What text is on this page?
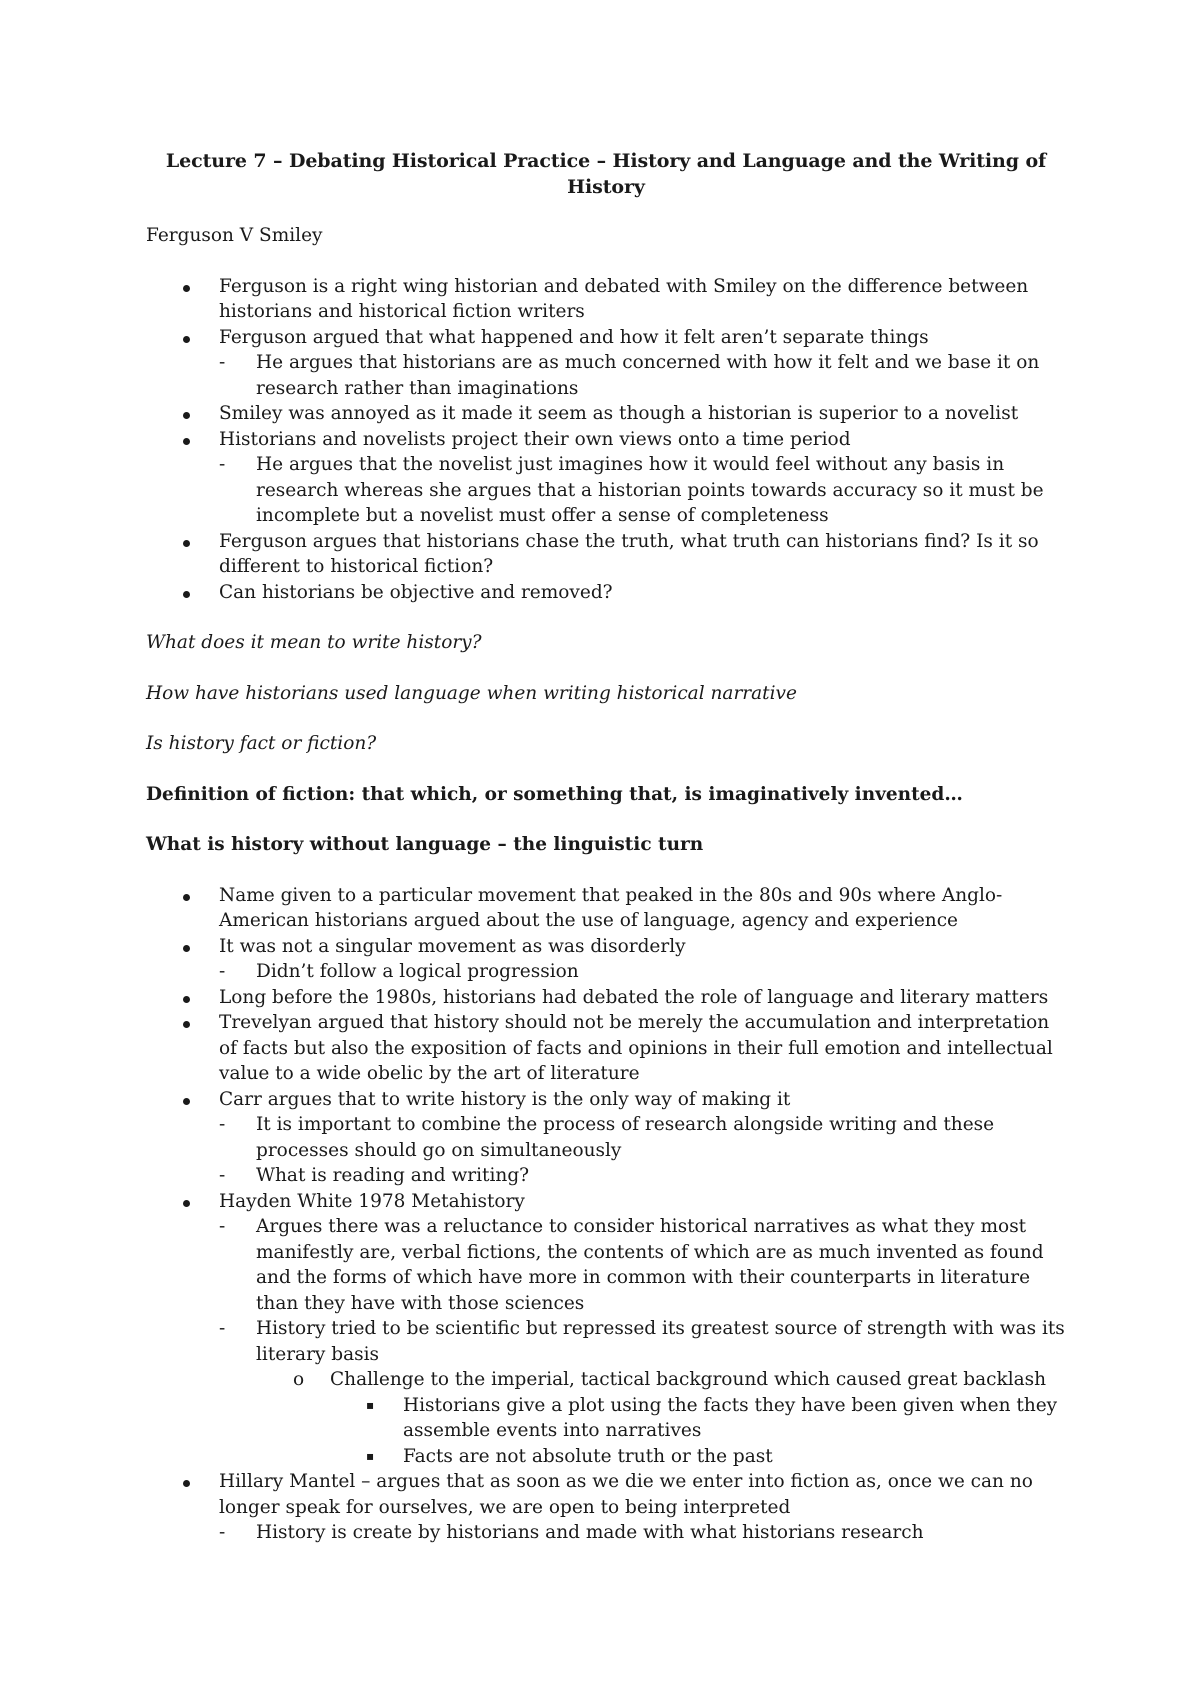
Lecture 7 – Debating Historical Practice – History and Language and the Writing of History

Ferguson V Smiley

Ferguson is a right wing historian and debated with Smiley on the difference between historians and historical fiction writers
Ferguson argued that what happened and how it felt aren’t separate things
-	He argues that historians are as much concerned with how it felt and we base it on research rather than imaginations
Smiley was annoyed as it made it seem as though a historian is superior to a novelist
Historians and novelists project their own views onto a time period
-	He argues that the novelist just imagines how it would feel without any basis in research whereas she argues that a historian points towards accuracy so it must be incomplete but a novelist must offer a sense of completeness
Ferguson argues that historians chase the truth, what truth can historians find? Is it so different to historical fiction?
Can historians be objective and removed?

What does it mean to write history?

How have historians used language when writing historical narrative

Is history fact or fiction?

Definition of fiction: that which, or something that, is imaginatively invented…

What is history without language – the linguistic turn

Name given to a particular movement that peaked in the 80s and 90s where Anglo-American historians argued about the use of language, agency and experience
It was not a singular movement as was disorderly
-	Didn’t follow a logical progression
Long before the 1980s, historians had debated the role of language and literary matters
Trevelyan argued that history should not be merely the accumulation and interpretation of facts but also the exposition of facts and opinions in their full emotion and intellectual value to a wide obelic by the art of literature
Carr argues that to write history is the only way of making it
-	It is important to combine the process of research alongside writing and these processes should go on simultaneously
-	What is reading and writing?
Hayden White 1978 Metahistory
-	Argues there was a reluctance to consider historical narratives as what they most manifestly are, verbal fictions, the contents of which are as much invented as found and the forms of which have more in common with their counterparts in literature than they have with those sciences
-	History tried to be scientific but repressed its greatest source of strength with was its literary basis
o	Challenge to the imperial, tactical background which caused great backlash
▪	Historians give a plot using the facts they have been given when they assemble events into narratives
▪	Facts are not absolute truth or the past
Hillary Mantel – argues that as soon as we die we enter into fiction as, once we can no longer speak for ourselves, we are open to being interpreted
-	History is create by historians and made with what historians research
